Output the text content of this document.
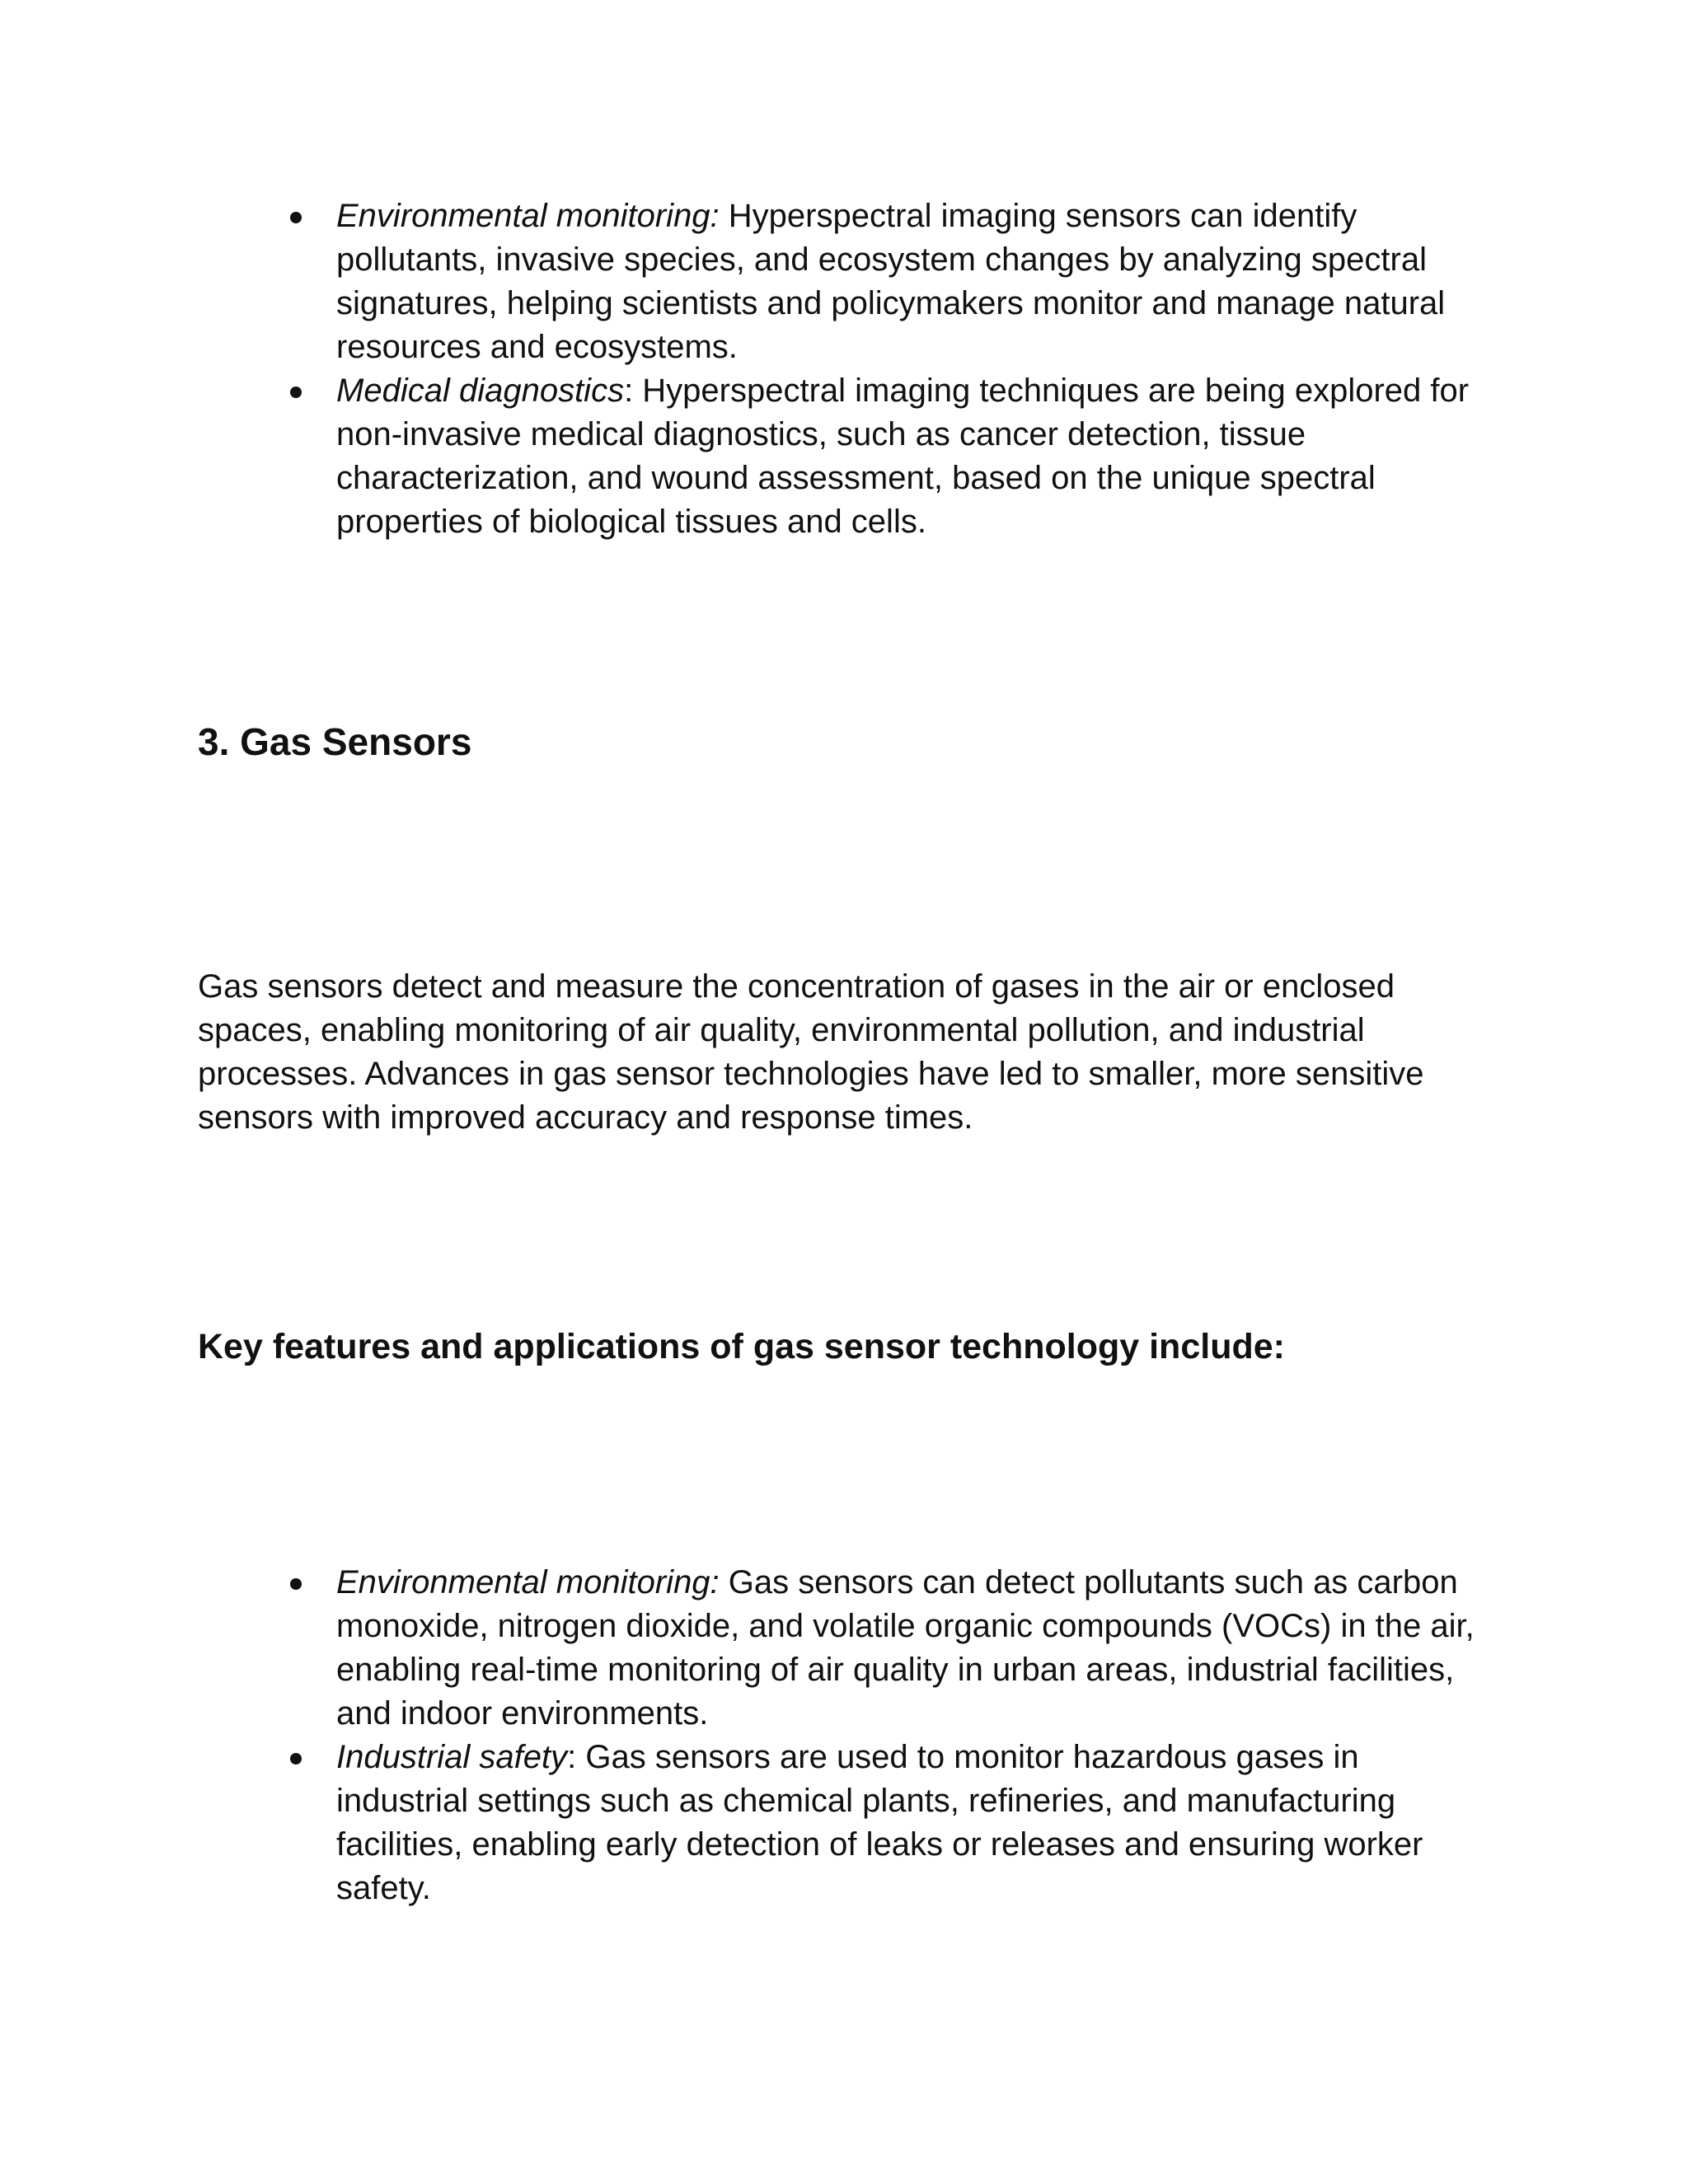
Environmental monitoring: Hyperspectral imaging sensors can identify pollutants, invasive species, and ecosystem changes by analyzing spectral signatures, helping scientists and policymakers monitor and manage natural resources and ecosystems.
Medical diagnostics: Hyperspectral imaging techniques are being explored for non-invasive medical diagnostics, such as cancer detection, tissue characterization, and wound assessment, based on the unique spectral properties of biological tissues and cells.
3. Gas Sensors

Gas sensors detect and measure the concentration of gases in the air or enclosed spaces, enabling monitoring of air quality, environmental pollution, and industrial processes. Advances in gas sensor technologies have led to smaller, more sensitive sensors with improved accuracy and response times.

Key features and applications of gas sensor technology include:
Environmental monitoring: Gas sensors can detect pollutants such as carbon monoxide, nitrogen dioxide, and volatile organic compounds (VOCs) in the air, enabling real-time monitoring of air quality in urban areas, industrial facilities, and indoor environments.
Industrial safety: Gas sensors are used to monitor hazardous gases in industrial settings such as chemical plants, refineries, and manufacturing facilities, enabling early detection of leaks or releases and ensuring worker safety.
